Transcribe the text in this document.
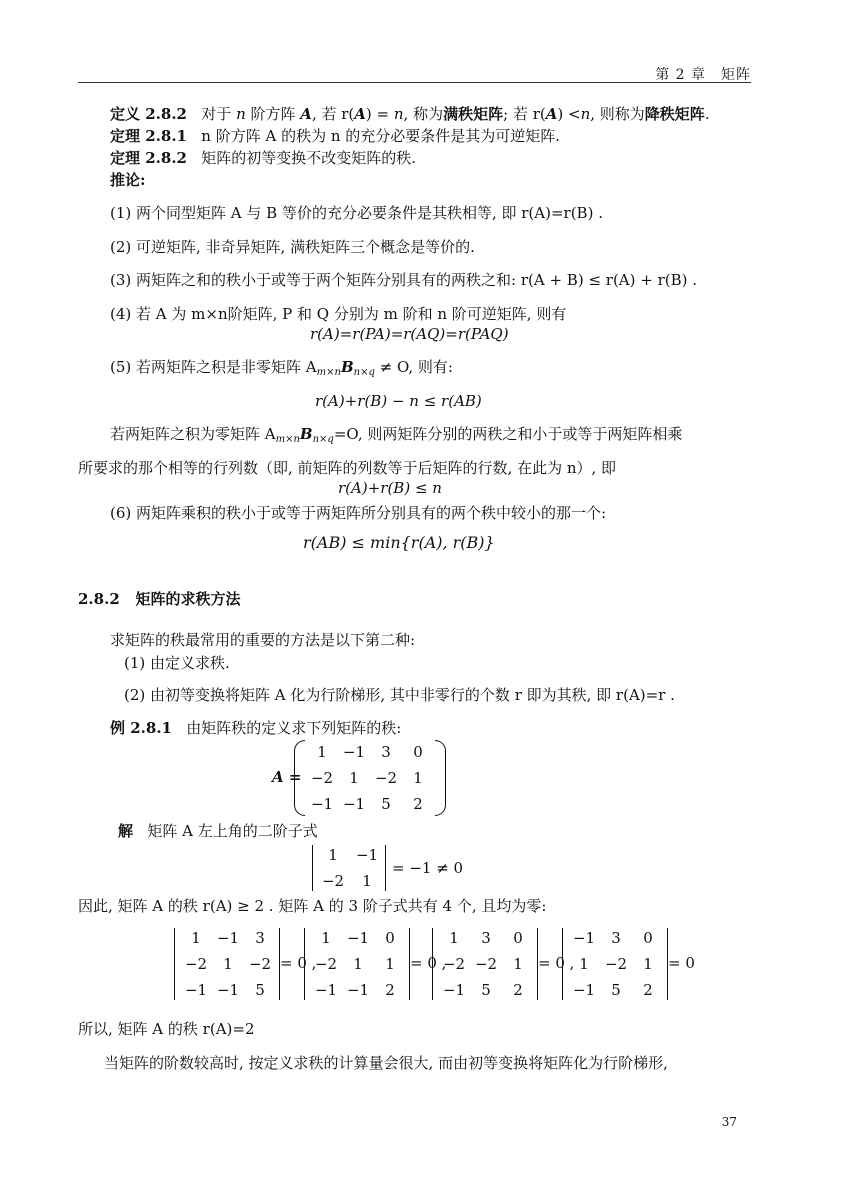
第 2 章　矩阵
定义 2.8.2 对于 n 阶方阵 A, 若 r(A) = n, 称为满秩矩阵; 若 r(A) <n, 则称为降秩矩阵.
定理 2.8.1 n 阶方阵 A 的秩为 n 的充分必要条件是其为可逆矩阵.
定理 2.8.2 矩阵的初等变换不改变矩阵的秩.
推论:
(1) 两个同型矩阵 A 与 B 等价的充分必要条件是其秩相等, 即 r(A)=r(B) .
(2) 可逆矩阵, 非奇异矩阵, 满秩矩阵三个概念是等价的.
(3) 两矩阵之和的秩小于或等于两个矩阵分别具有的两秩之和: r(A + B) ≤ r(A) + r(B) .
(4) 若 A 为 m×n阶矩阵, P 和 Q 分别为 m 阶和 n 阶可逆矩阵, 则有
r(A)=r(PA)=r(AQ)=r(PAQ)
(5) 若两矩阵之积是非零矩阵 $A_{m\times n}B_{n\times q} \ne O$, 则有:
r(A)+r(B) − n ≤ r(AB)
若两矩阵之积为零矩阵 $A_{m\times n}B_{n\times q}=O$, 则两矩阵分别的两秩之和小于或等于两矩阵相乘
所要求的那个相等的行列数（即, 前矩阵的列数等于后矩阵的行数, 在此为 n）, 即
r(A)+r(B) ≤ n
(6) 两矩阵乘积的秩小于或等于两矩阵所分别具有的两个秩中较小的那一个:
r(AB) ≤ min{r(A), r(B)}
2.8.2 矩阵的求秩方法
求矩阵的秩最常用的重要的方法是以下第二种:
(1) 由定义求秩.
(2) 由初等变换将矩阵 A 化为行阶梯形, 其中非零行的个数 r 即为其秩, 即 r(A)=r .
例 2.8.1 由矩阵秩的定义求下列矩阵的秩:
A =
1	−1	3	0
−2	1	−2	1
−1 −1	5	2
解 矩阵 A 左上角的二阶子式
1	−1
−2	1
= −1 ≠ 0
因此, 矩阵 A 的秩 r(A) ≥ 2 . 矩阵 A 的 3 阶子式共有 4 个, 且均为零:
1	−1	3
−2	1	−2
−1 −1	5
= 0 ,
1	−1	0
−2	1	1
−1 −1	2
= 0 ,
1	3	0
−2 −2	1
−1	5	2
= 0 ,
−1	3	0
1	−2	1
−1	5	2
= 0
所以, 矩阵 A 的秩 r(A)=2
当矩阵的阶数较高时, 按定义求秩的计算量会很大, 而由初等变换将矩阵化为行阶梯形,
37
